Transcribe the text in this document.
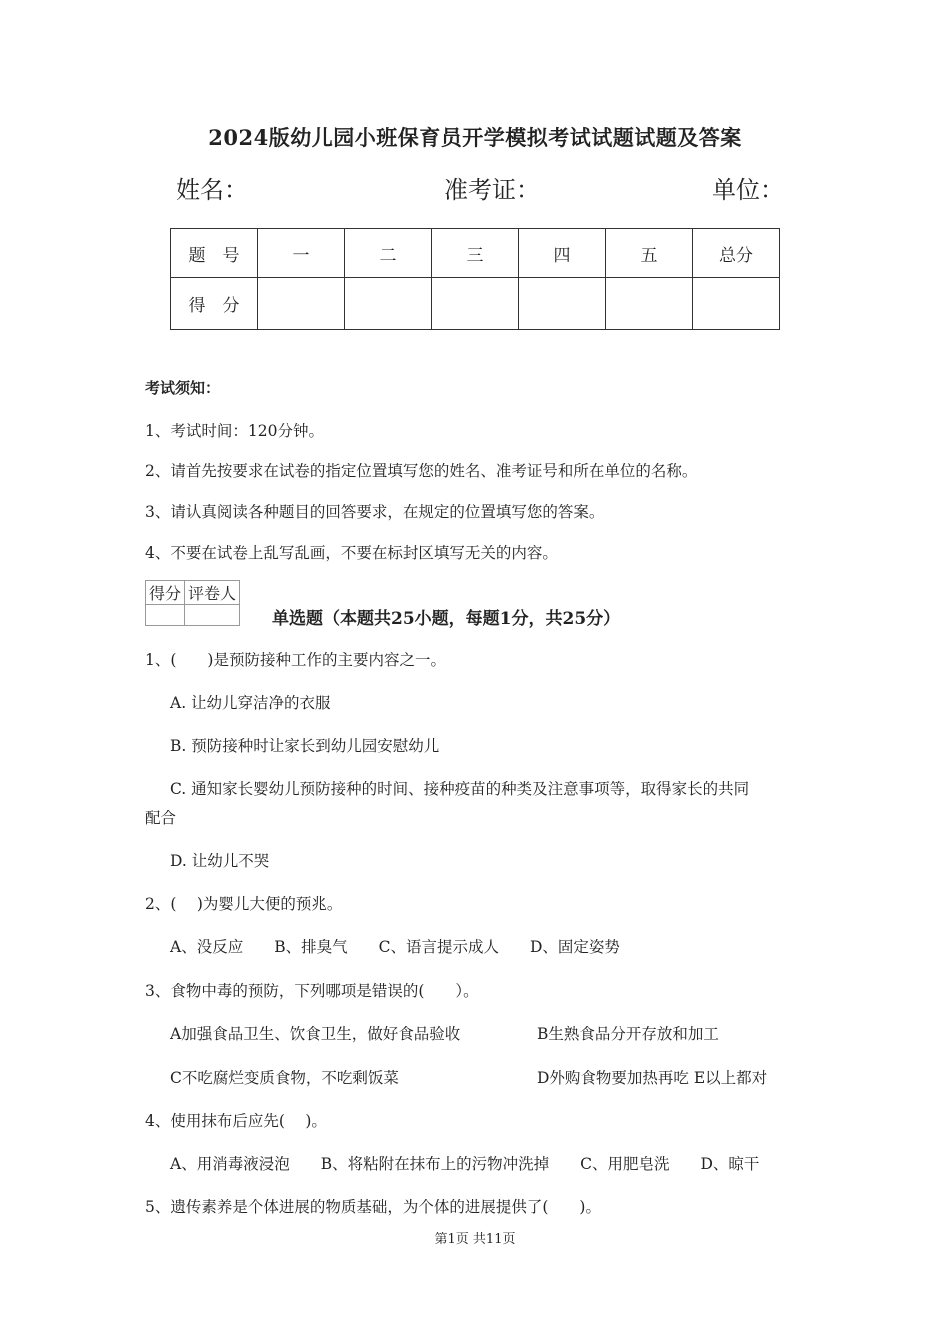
2024版幼儿园小班保育员开学模拟考试试题试题及答案
姓名：	准考证：	单位：
题　号	一	二	三	四	五	总分
得　分						
考试须知：
1、考试时间：120分钟。
2、请首先按要求在试卷的指定位置填写您的姓名、准考证号和所在单位的名称。
3、请认真阅读各种题目的回答要求，在规定的位置填写您的答案。
4、不要在试卷上乱写乱画，不要在标封区填写无关的内容。
得分	评卷人

单选题（本题共25小题，每题1分，共25分）
1、(　　)是预防接种工作的主要内容之一。
A. 让幼儿穿洁净的衣服
B. 预防接种时让家长到幼儿园安慰幼儿
C. 通知家长婴幼儿预防接种的时间、接种疫苗的种类及注意事项等，取得家长的共同
配合
D. 让幼儿不哭
2、(　 )为婴儿大便的预兆。
A、没反应　　B、排臭气　　C、语言提示成人　　D、固定姿势
3、食物中毒的预防，下列哪项是错误的(　　）。
A加强食品卫生、饮食卫生，做好食品验收	B生熟食品分开存放和加工
C不吃腐烂变质食物，不吃剩饭菜	D外购食物要加热再吃 E以上都对
4、使用抹布后应先(　 )。
A、用消毒液浸泡　　B、将粘附在抹布上的污物冲洗掉　　C、用肥皂洗　　D、晾干
5、遗传素养是个体进展的物质基础，为个体的进展提供了(　　)。
第1页 共11页
